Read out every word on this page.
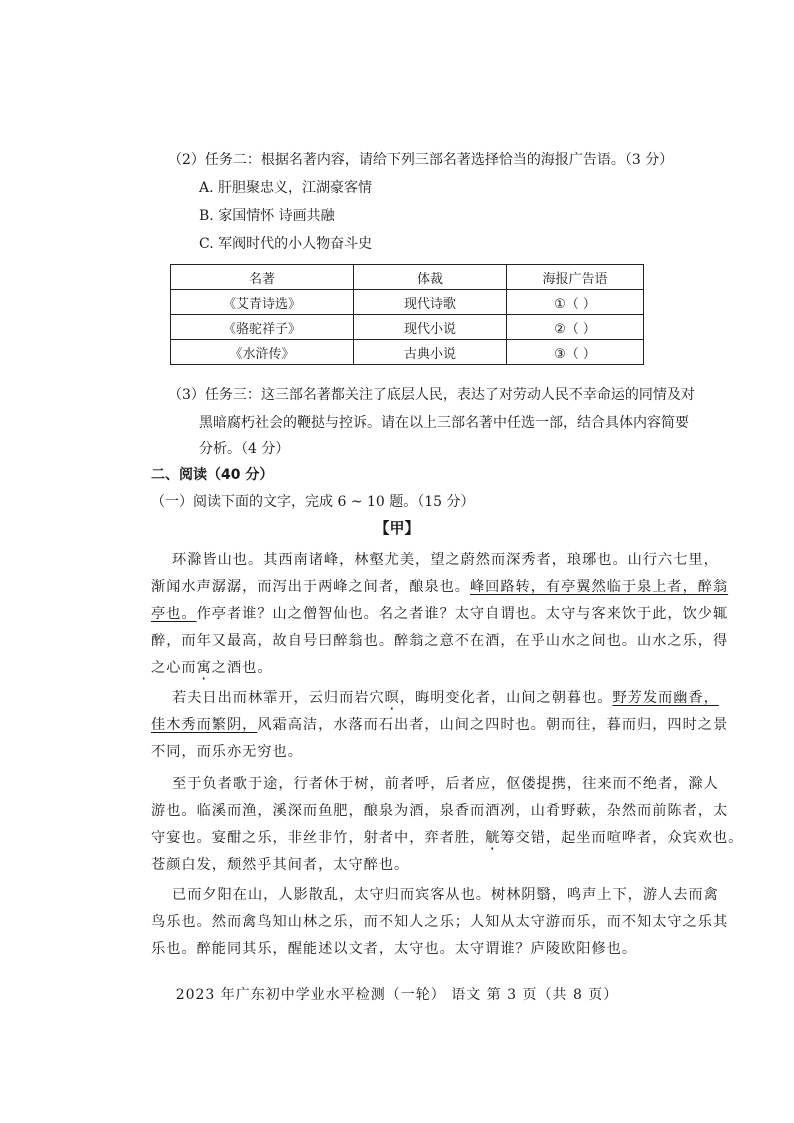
（2）任务二：根据名著内容，请给下列三部名著选择恰当的海报广告语。（3 分）
A. 肝胆聚忠义，江湖豪客情
B. 家国情怀 诗画共融
C. 军阀时代的小人物奋斗史
名著	体裁	海报广告语
《艾青诗选》	现代诗歌	①（ ）
《骆驼祥子》	现代小说	②（ ）
《水浒传》	古典小说	③（ ）
（3）任务三：这三部名著都关注了底层人民，表达了对劳动人民不幸命运的同情及对
黑暗腐朽社会的鞭挞与控诉。请在以上三部名著中任选一部，结合具体内容简要
分析。（4 分）
二、阅读（40 分）
（一）阅读下面的文字，完成 6 ~ 10 题。（15 分）
【甲】
环滁皆山也。其西南诸峰，林壑尤美，望之蔚然而深秀者，琅琊也。山行六七里，
渐闻水声潺潺，而泻出于两峰之间者，酿泉也。峰回路转，有亭翼然临于泉上者，醉翁
亭也。作亭者谁？山之僧智仙也。名之者谁？太守自谓也。太守与客来饮于此，饮少辄
醉，而年又最高，故自号曰醉翁也。醉翁之意不在酒，在乎山水之间也。山水之乐，得
之心而寓之酒也。
若夫日出而林霏开，云归而岩穴暝，晦明变化者，山间之朝暮也。野芳发而幽香，
佳木秀而繁阴，风霜高洁，水落而石出者，山间之四时也。朝而往，暮而归，四时之景
不同，而乐亦无穷也。
至于负者歌于途，行者休于树，前者呼，后者应，伛偻提携，往来而不绝者，滁人
游也。临溪而渔，溪深而鱼肥，酿泉为酒，泉香而酒冽，山肴野蔌，杂然而前陈者，太
守宴也。宴酣之乐，非丝非竹，射者中，弈者胜，觥筹交错，起坐而喧哗者，众宾欢也。
苍颜白发，颓然乎其间者，太守醉也。
已而夕阳在山，人影散乱，太守归而宾客从也。树林阴翳，鸣声上下，游人去而禽
鸟乐也。然而禽鸟知山林之乐，而不知人之乐；人知从太守游而乐，而不知太守之乐其
乐也。醉能同其乐，醒能述以文者，太守也。太守谓谁？庐陵欧阳修也。
2023 年广东初中学业水平检测（一轮） 语文 第 3 页（共 8 页）
